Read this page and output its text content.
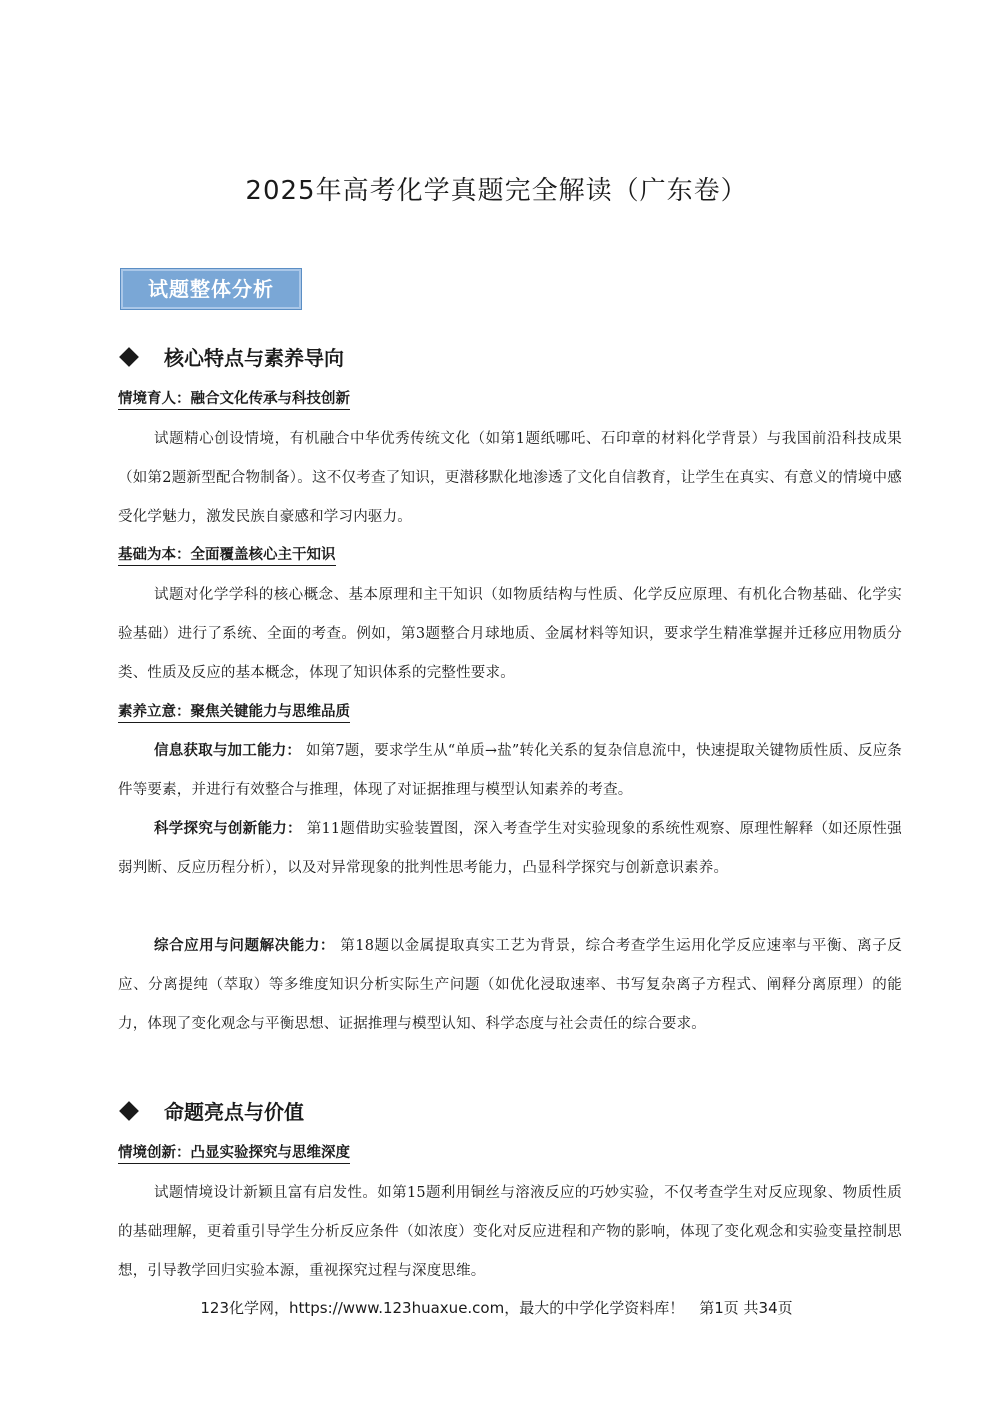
2025年高考化学真题完全解读（广东卷）
试题整体分析
核心特点与素养导向
情境育人：融合文化传承与科技创新

试题精心创设情境，有机融合中华优秀传统文化（如第1题纸哪吒、石印章的材料化学背景）与我国前沿科技成果（如第2题新型配合物制备）。这不仅考查了知识，更潜移默化地渗透了文化自信教育，让学生在真实、有意义的情境中感受化学魅力，激发民族自豪感和学习内驱力。

基础为本：全面覆盖核心主干知识

试题对化学学科的核心概念、基本原理和主干知识（如物质结构与性质、化学反应原理、有机化合物基础、化学实验基础）进行了系统、全面的考查。例如，第3题整合月球地质、金属材料等知识，要求学生精准掌握并迁移应用物质分类、性质及反应的基本概念，体现了知识体系的完整性要求。

素养立意：聚焦关键能力与思维品质

信息获取与加工能力： 如第7题，要求学生从“单质→盐”转化关系的复杂信息流中，快速提取关键物质性质、反应条件等要素，并进行有效整合与推理，体现了对证据推理与模型认知素养的考查。

科学探究与创新能力： 第11题借助实验装置图，深入考查学生对实验现象的系统性观察、原理性解释（如还原性强弱判断、反应历程分析），以及对异常现象的批判性思考能力，凸显科学探究与创新意识素养。

综合应用与问题解决能力： 第18题以金属提取真实工艺为背景，综合考查学生运用化学反应速率与平衡、离子反应、分离提纯（萃取）等多维度知识分析实际生产问题（如优化浸取速率、书写复杂离子方程式、阐释分离原理）的能力，体现了变化观念与平衡思想、证据推理与模型认知、科学态度与社会责任的综合要求。

命题亮点与价值
情境创新：凸显实验探究与思维深度

试题情境设计新颖且富有启发性。如第15题利用铜丝与溶液反应的巧妙实验，不仅考查学生对反应现象、物质性质的基础理解，更着重引导学生分析反应条件（如浓度）变化对反应进程和产物的影响，体现了变化观念和实验变量控制思想，引导教学回归实验本源，重视探究过程与深度思维。

123化学网，https://www.123huaxue.com，最大的中学化学资料库！　第1页 共34页
